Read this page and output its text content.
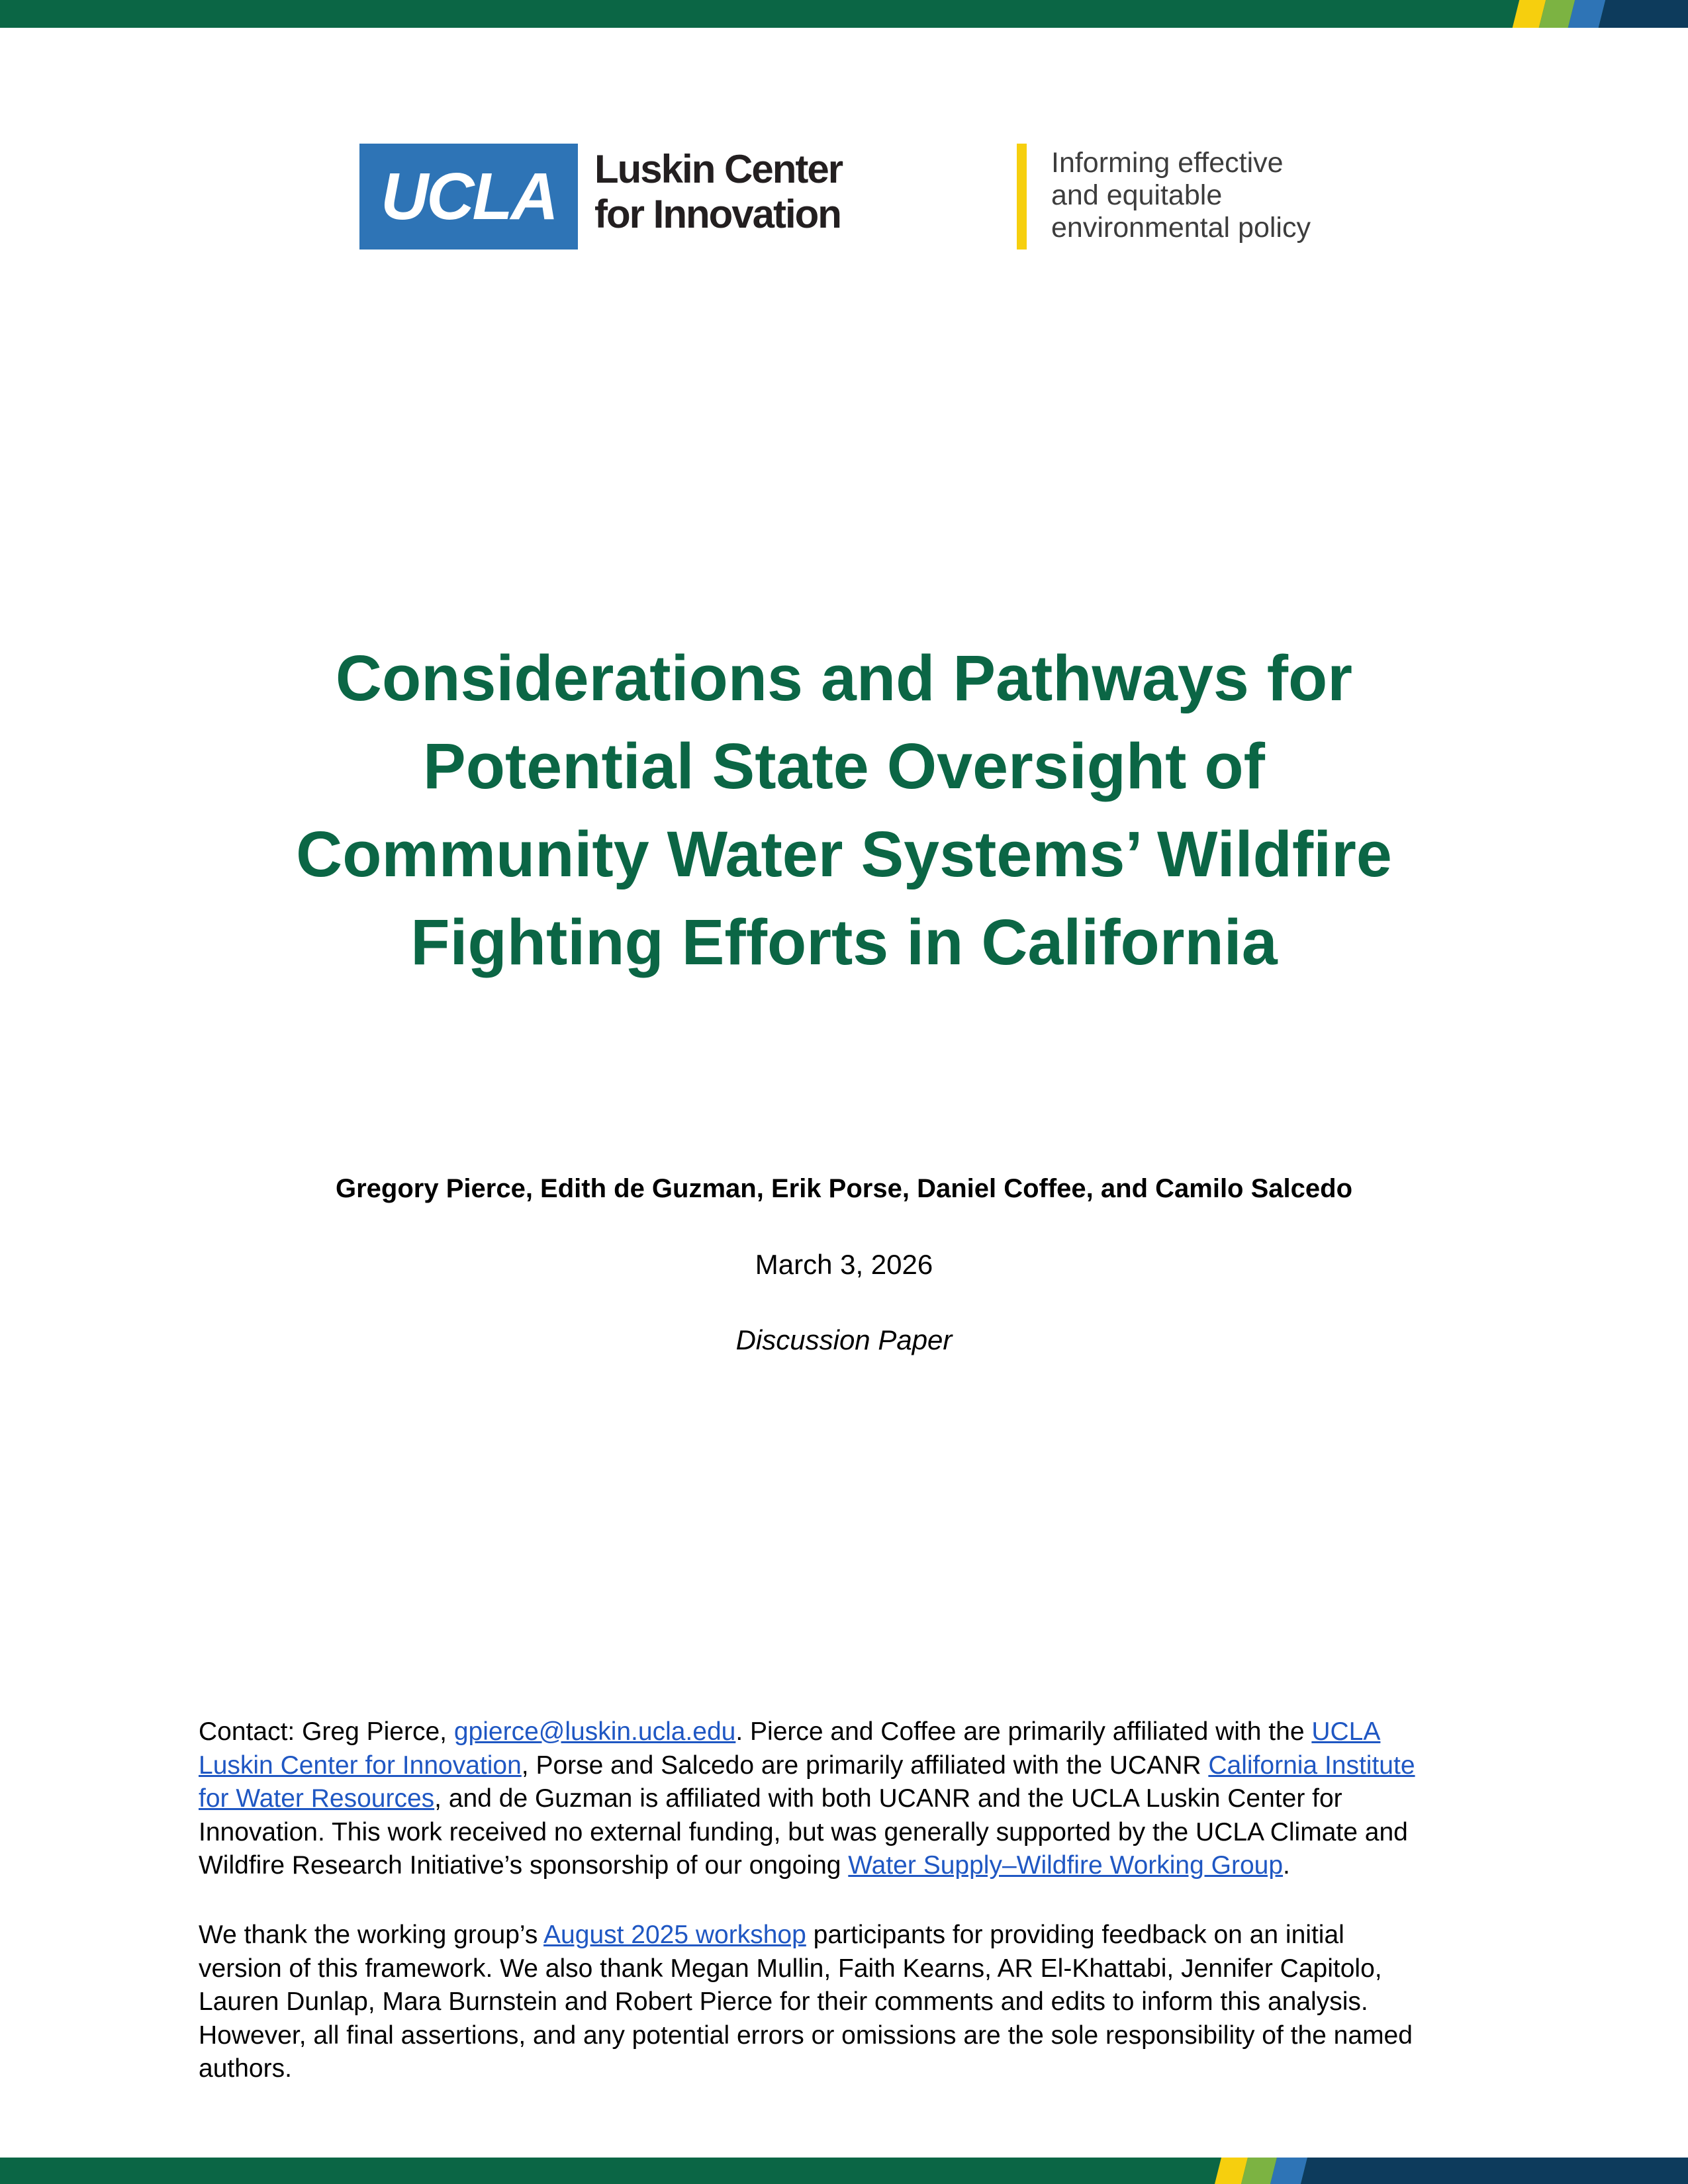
UCLA Luskin Center
for Innovation
Informing effective
and equitable
environmental policy
Considerations and Pathways for
Potential State Oversight of
Community Water Systems’ Wildfire
Fighting Efforts in California
Gregory Pierce, Edith de Guzman, Erik Porse, Daniel Coffee, and Camilo Salcedo
March 3, 2026
Discussion Paper
Contact: Greg Pierce, gpierce@luskin.ucla.edu. Pierce and Coffee are primarily affiliated with the UCLA
Luskin Center for Innovation, Porse and Salcedo are primarily affiliated with the UCANR California Institute
for Water Resources, and de Guzman is affiliated with both UCANR and the UCLA Luskin Center for
Innovation. This work received no external funding, but was generally supported by the UCLA Climate and
Wildfire Research Initiative’s sponsorship of our ongoing Water Supply–Wildfire Working Group.
We thank the working group’s August 2025 workshop participants for providing feedback on an initial
version of this framework. We also thank Megan Mullin, Faith Kearns, AR El-Khattabi, Jennifer Capitolo,
Lauren Dunlap, Mara Burnstein and Robert Pierce for their comments and edits to inform this analysis.
However, all final assertions, and any potential errors or omissions are the sole responsibility of the named
authors.
